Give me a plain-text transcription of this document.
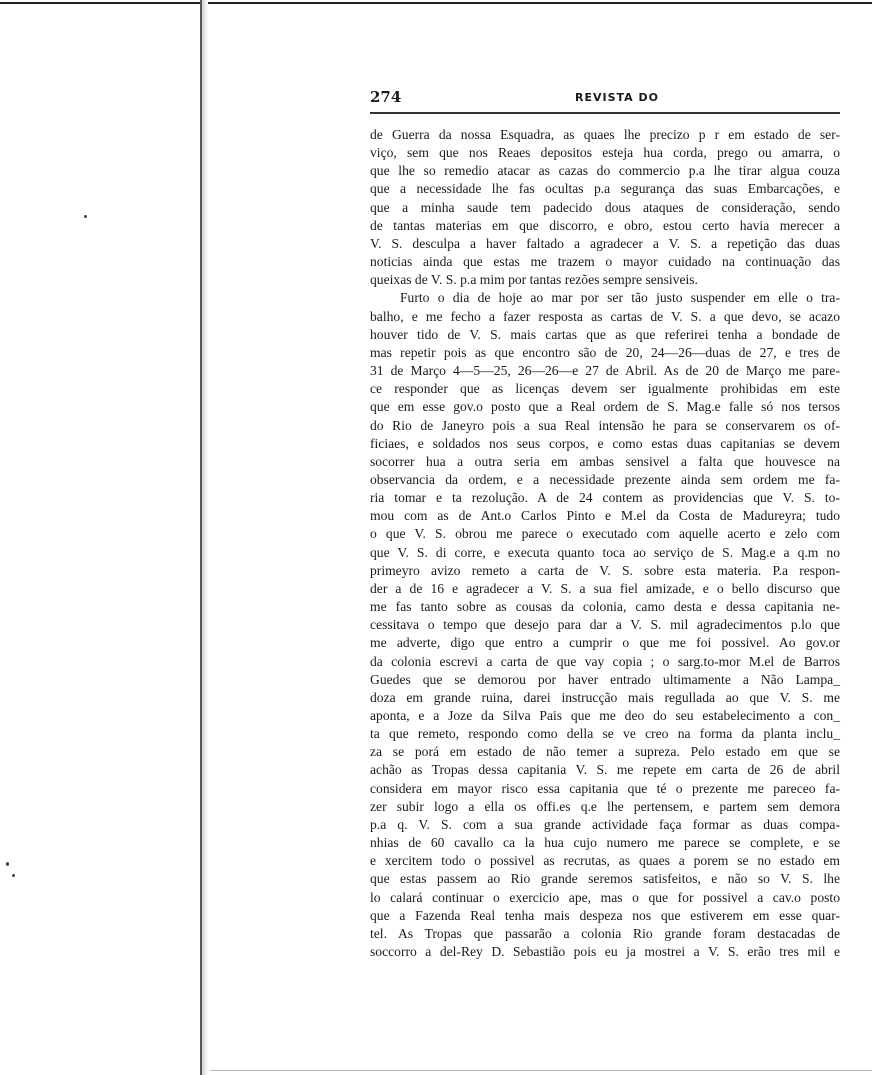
274	REVISTA DO
de Guerra da nossa Esquadra, as quaes lhe precizo p r em estado de ser-
viço, sem que nos Reaes depositos esteja hua corda, prego ou amarra, o
que lhe so remedio atacar as cazas do commercio p.a lhe tirar algua couza
que a necessidade lhe fas ocultas p.a segurança das suas Embarcações, e
que a minha saude tem padecido dous ataques de consideração, sendo
de tantas materias em que discorro, e obro, estou certo havia merecer a
V. S. desculpa a haver faltado a agradecer a V. S. a repetição das duas
noticias ainda que estas me trazem o mayor cuidado na continuação das
queixas de V. S. p.a mim por tantas rezões sempre sensiveis.
Furto o dia de hoje ao mar por ser tão justo suspender em elle o tra-
balho, e me fecho a fazer resposta as cartas de V. S. a que devo, se acazo
houver tido de V. S. mais cartas que as que referirei tenha a bondade de
mas repetir pois as que encontro são de 20, 24—26—duas de 27, e tres de
31 de Março 4—5—25, 26—26—e 27 de Abril. As de 20 de Março me pare-
ce responder que as licenças devem ser igualmente prohibidas em este
que em esse gov.o posto que a Real ordem de S. Mag.e falle só nos tersos
do Rio de Janeyro pois a sua Real intensão he para se conservarem os of-
ficiaes, e soldados nos seus corpos, e como estas duas capitanias se devem
socorrer hua a outra seria em ambas sensivel a falta que houvesce na
observancia da ordem, e a necessidade prezente ainda sem ordem me fa-
ria tomar e ta rezolução. A de 24 contem as providencias que V. S. to-
mou com as de Ant.o Carlos Pinto e M.el da Costa de Madureyra; tudo
o que V. S. obrou me parece o executado com aquelle acerto e zelo com
que V. S. di corre, e executa quanto toca ao serviço de S. Mag.e a q.m no
primeyro avizo remeto a carta de V. S. sobre esta materia. P.a respon-
der a de 16 e agradecer a V. S. a sua fiel amizade, e o bello discurso que
me fas tanto sobre as cousas da colonia, camo desta e dessa capitania ne-
cessitava o tempo que desejo para dar a V. S. mil agradecimentos p.lo que
me adverte, digo que entro a cumprir o que me foi possivel. Ao gov.or
da colonia escrevi a carta de que vay copia ; o sarg.to-mor M.el de Barros
Guedes que se demorou por haver entrado ultimamente a Não Lampa_
doza em grande ruina, darei instrucção mais regullada ao que V. S. me
aponta, e a Joze da Silva Pais que me deo do seu estabelecimento a con_
ta que remeto, respondo como della se ve creo na forma da planta inclu_
za se porá em estado de não temer a supreza. Pelo estado em que se
achão as Tropas dessa capitania V. S. me repete em carta de 26 de abril
considera em mayor risco essa capitania que té o prezente me pareceo fa-
zer subir logo a ella os offi.es q.e lhe pertensem, e partem sem demora
p.a q. V. S. com a sua grande actividade faça formar as duas compa-
nhias de 60 cavallo ca la hua cujo numero me parece se complete, e se
e xercitem todo o possivel as recrutas, as quaes a porem se no estado em
que estas passem ao Rio grande seremos satisfeitos, e não so V. S. lhe
lo calará continuar o exercicio ape, mas o que for possivel a cav.o posto
que a Fazenda Real tenha mais despeza nos que estiverem em esse quar-
tel. As Tropas que passarão a colonia Rio grande foram destacadas de
soccorro a del-Rey D. Sebastião pois eu ja mostrei a V. S. erão tres mil e
